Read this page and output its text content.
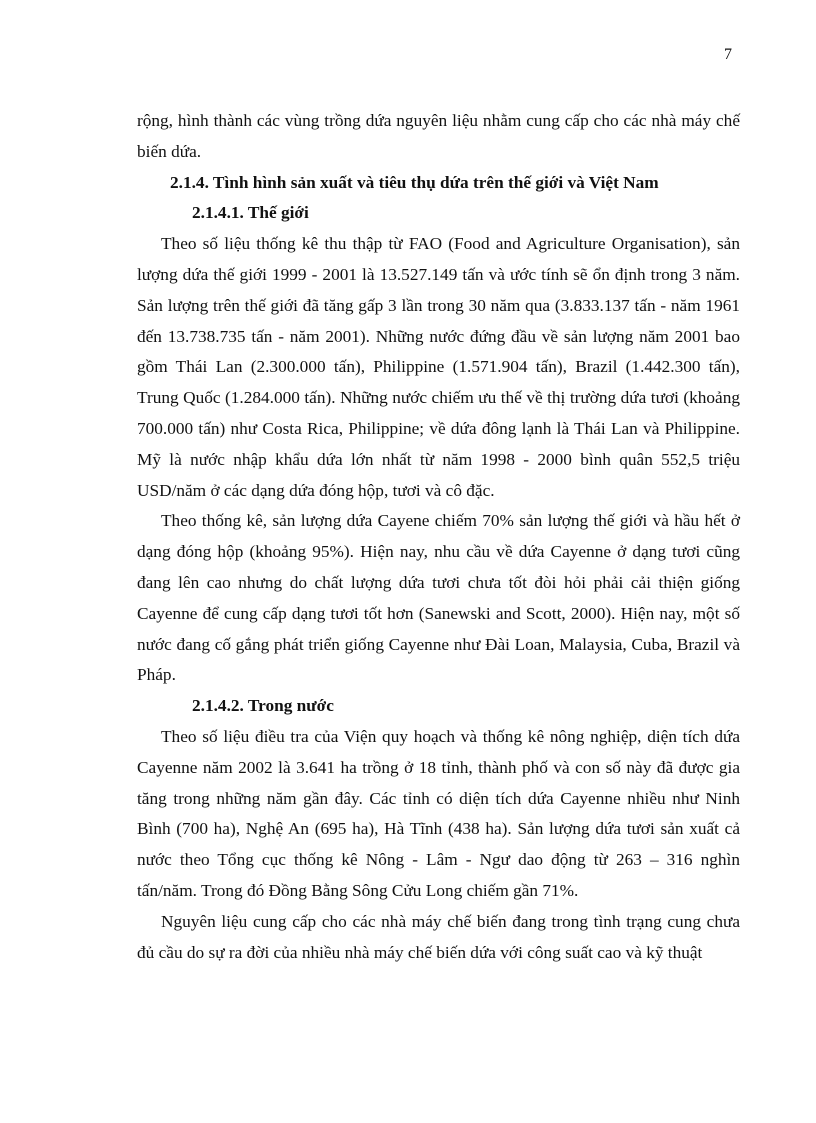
7

rộng, hình thành các vùng trồng dứa nguyên liệu nhằm cung cấp cho các nhà máy chế biến dứa.

2.1.4. Tình hình sản xuất và tiêu thụ dứa trên thế giới và Việt Nam

2.1.4.1. Thế giới

Theo số liệu thống kê thu thập từ FAO (Food and Agriculture Organisation), sản lượng dứa thế giới 1999 - 2001 là 13.527.149 tấn và ước tính sẽ ổn định trong 3 năm. Sản lượng trên thế giới đã tăng gấp 3 lần trong 30 năm qua (3.833.137 tấn - năm 1961 đến 13.738.735 tấn - năm 2001). Những nước đứng đầu về sản lượng năm 2001 bao gồm Thái Lan (2.300.000 tấn), Philippine (1.571.904 tấn), Brazil (1.442.300 tấn), Trung Quốc (1.284.000 tấn). Những nước chiếm ưu thế về thị trường dứa tươi (khoảng 700.000 tấn) như Costa Rica, Philippine; về dứa đông lạnh là Thái Lan và Philippine. Mỹ là nước nhập khẩu dứa lớn nhất từ năm 1998 - 2000 bình quân 552,5 triệu USD/năm ở các dạng dứa đóng hộp, tươi và cô đặc.

Theo thống kê, sản lượng dứa Cayene chiếm 70% sản lượng thế giới và hầu hết ở dạng đóng hộp (khoảng 95%). Hiện nay, nhu cầu về dứa Cayenne ở dạng tươi cũng đang lên cao nhưng do chất lượng dứa tươi chưa tốt đòi hỏi phải cải thiện giống Cayenne để cung cấp dạng tươi tốt hơn (Sanewski and Scott, 2000). Hiện nay, một số nước đang cố gắng phát triển giống Cayenne như Đài Loan, Malaysia, Cuba, Brazil và Pháp.

2.1.4.2. Trong nước

Theo số liệu điều tra của Viện quy hoạch và thống kê nông nghiệp, diện tích dứa Cayenne năm 2002 là 3.641 ha trồng ở 18 tỉnh, thành phố và con số này đã được gia tăng trong những năm gần đây. Các tỉnh có diện tích dứa Cayenne nhiều như Ninh Bình (700 ha), Nghệ An (695 ha), Hà Tĩnh (438 ha). Sản lượng dứa tươi sản xuất cả nước theo Tổng cục thống kê Nông - Lâm - Ngư dao động từ 263 – 316 nghìn tấn/năm. Trong đó Đồng Bằng Sông Cửu Long chiếm gần 71%.

Nguyên liệu cung cấp cho các nhà máy chế biến đang trong tình trạng cung chưa đủ cầu do sự ra đời của nhiều nhà máy chế biến dứa với công suất cao và kỹ thuật
